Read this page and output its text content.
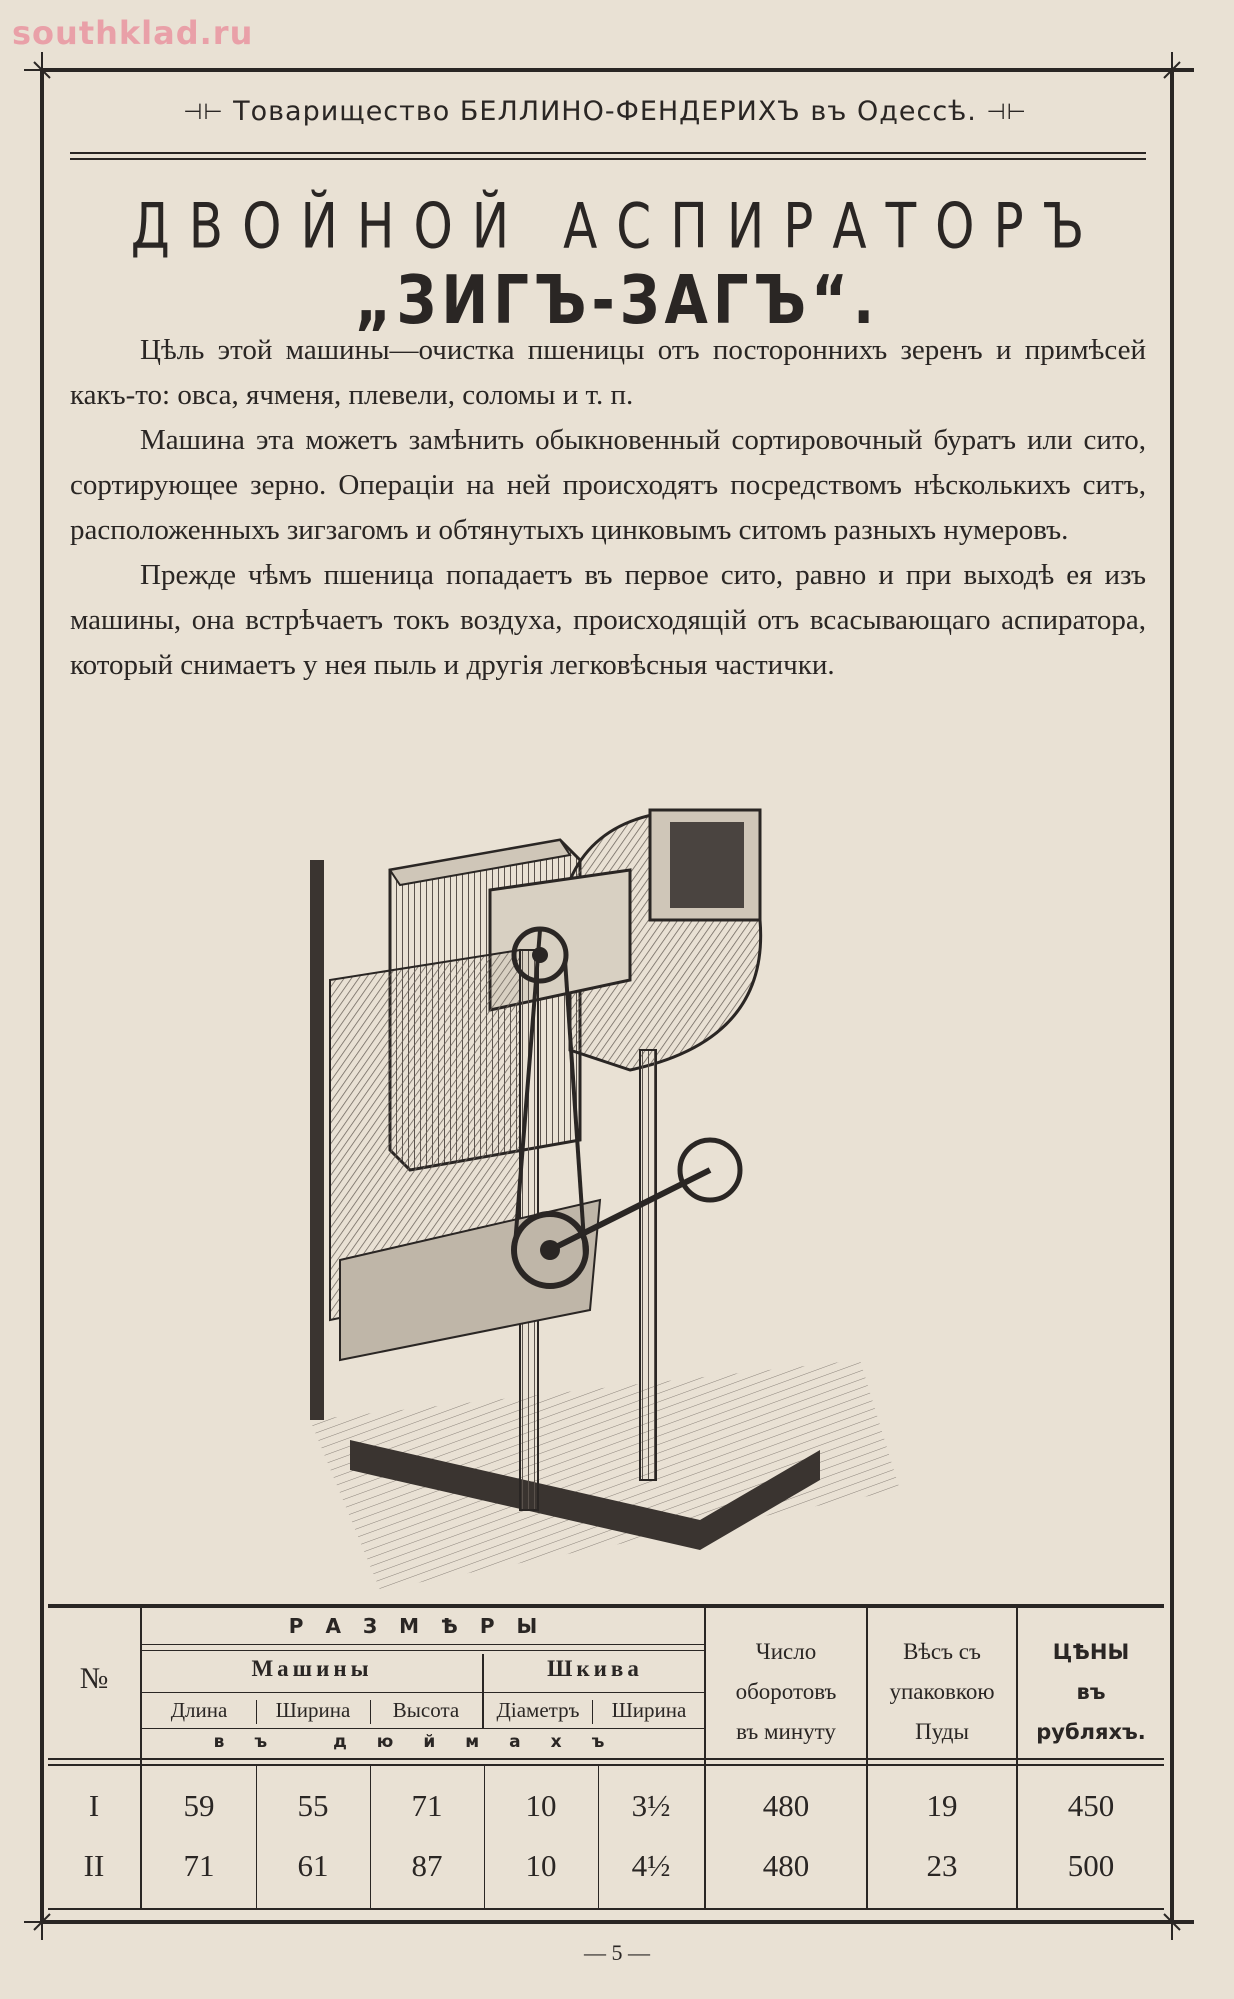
southklad.ru
⊣⊢ Товарищество БЕЛЛИНО-ФЕНДЕРИХЪ въ Одессѣ. ⊣⊢
ДВОЙНОЙ АСПИРАТОРЪ
„ЗИГЪ-ЗАГЪ“.

Цѣль этой машины—очистка пшеницы отъ постороннихъ зеренъ и примѣсей какъ-то: овса, ячменя, плевели, соломы и т. п.

Машина эта можетъ замѣнить обыкновенный сортировочный буратъ или сито, сортирующее зерно. Операціи на ней происходятъ посредствомъ нѣсколькихъ ситъ, расположенныхъ зигзагомъ и обтянутыхъ цинковымъ ситомъ разныхъ нумеровъ.

Прежде чѣмъ пшеница попадаетъ въ первое сито, равно и при выходѣ ея изъ машины, она встрѣчаетъ токъ воздуха, происходящій отъ всасывающаго аспиратора, который снимаетъ у нея пыль и другія легковѣсныя частички.

№
РАЗМѢРЫ
Машины	Шкива
Длина	Ширина	Высота	Діаметръ	Ширина
въ дюймахъ
Число
оборотовъ
въ минуту
Вѣсъ съ
упаковкою
Пуды
ЦѢНЫ
въ
рубляхъ.
I	59	55	71	10	3½	480	19	450
II	71	61	87	10	4½	480	23	500
— 5 —
